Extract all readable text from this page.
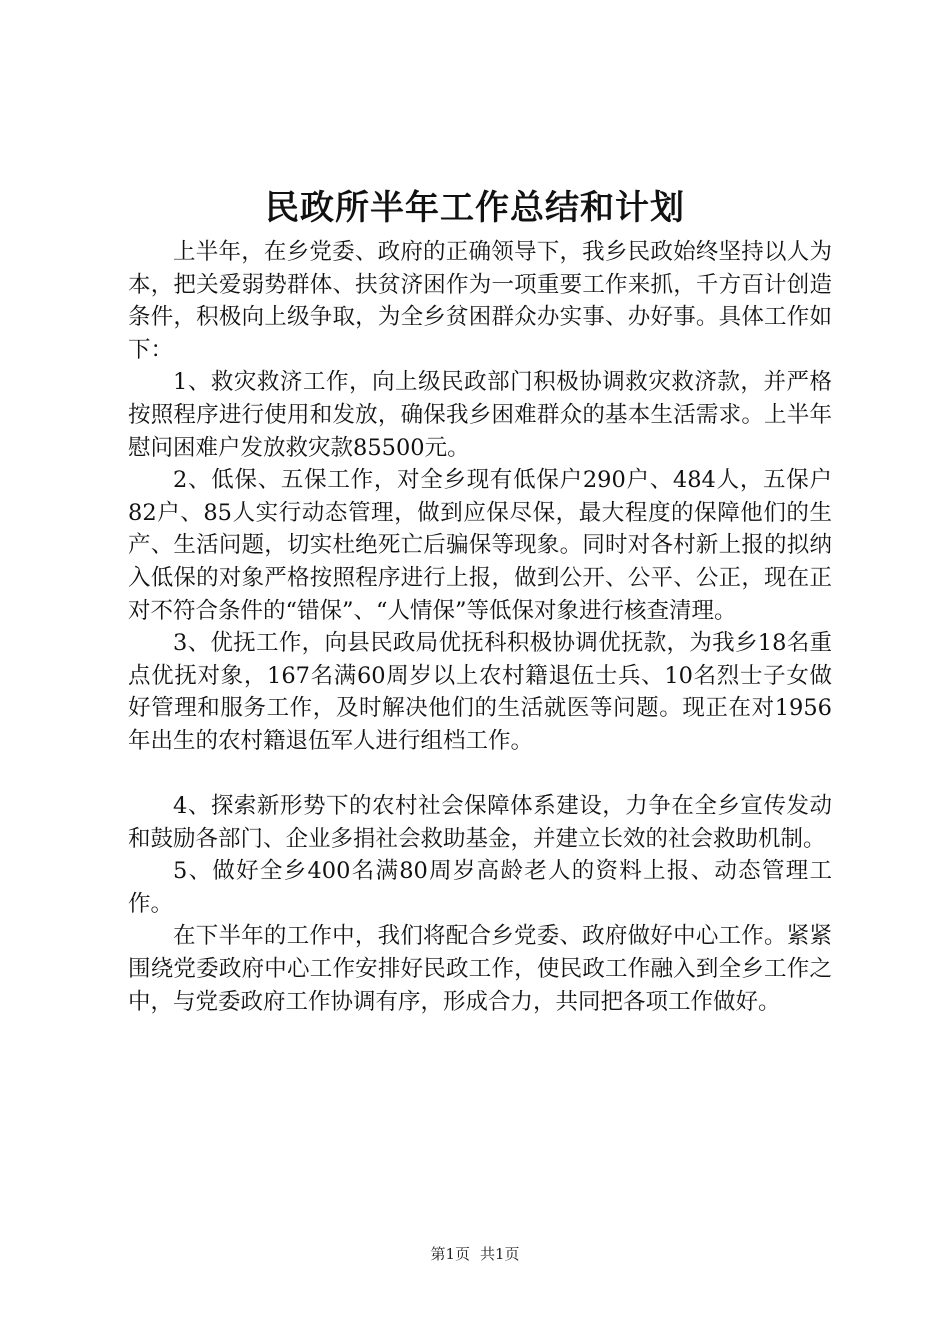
民政所半年工作总结和计划

上半年，在乡党委、政府的正确领导下，我乡民政始终坚持以人为本，把关爱弱势群体、扶贫济困作为一项重要工作来抓，千方百计创造条件，积极向上级争取，为全乡贫困群众办实事、办好事。具体工作如下：

1、救灾救济工作，向上级民政部门积极协调救灾救济款，并严格按照程序进行使用和发放，确保我乡困难群众的基本生活需求。上半年慰问困难户发放救灾款85500元。

2、低保、五保工作，对全乡现有低保户290户、484人，五保户82户、85人实行动态管理，做到应保尽保，最大程度的保障他们的生产、生活问题，切实杜绝死亡后骗保等现象。同时对各村新上报的拟纳入低保的对象严格按照程序进行上报，做到公开、公平、公正，现在正对不符合条件的“错保”、“人情保”等低保对象进行核查清理。

3、优抚工作，向县民政局优抚科积极协调优抚款，为我乡18名重点优抚对象，167名满60周岁以上农村籍退伍士兵、10名烈士子女做好管理和服务工作，及时解决他们的生活就医等问题。现正在对1956年出生的农村籍退伍军人进行组档工作。

4、探索新形势下的农村社会保障体系建设，力争在全乡宣传发动和鼓励各部门、企业多捐社会救助基金，并建立长效的社会救助机制。

5、做好全乡400名满80周岁高龄老人的资料上报、动态管理工作。

在下半年的工作中，我们将配合乡党委、政府做好中心工作。紧紧围绕党委政府中心工作安排好民政工作，使民政工作融入到全乡工作之中，与党委政府工作协调有序，形成合力，共同把各项工作做好。

第1页 共1页
